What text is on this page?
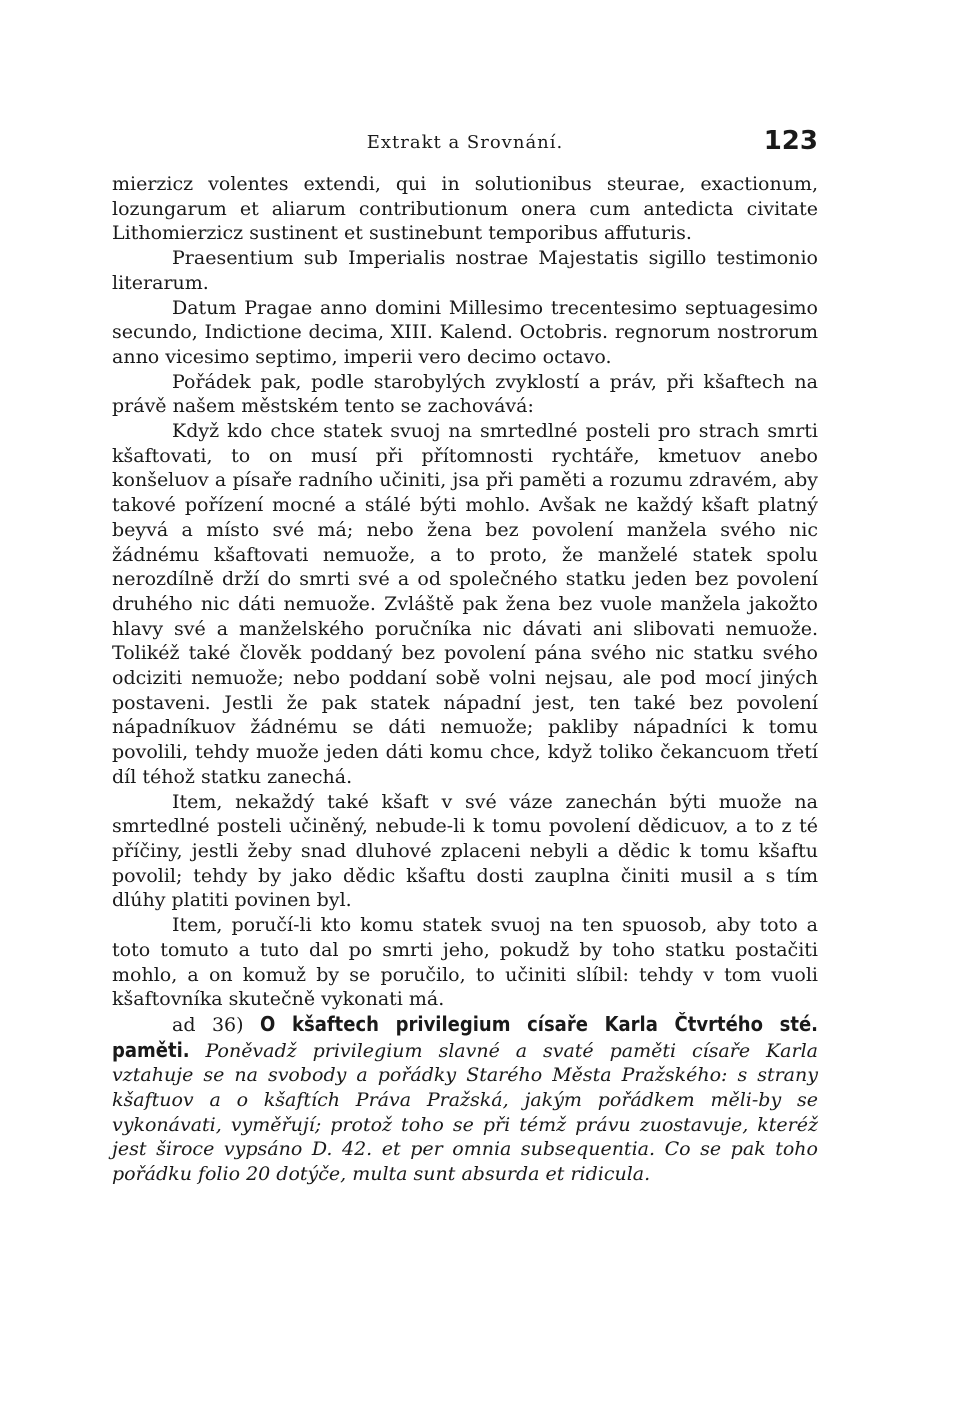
Extrakt a Srovnání.	123

mierzicz volentes extendi, qui in solutionibus steurae, exactionum, lozungarum et aliarum contributionum onera cum antedicta civitate Lithomierzicz sustinent et sustinebunt temporibus affuturis.

Praesentium sub Imperialis nostrae Majestatis sigillo testimonio literarum.

Datum Pragae anno domini Millesimo trecentesimo septuagesimo secundo, Indictione decima, XIII. Kalend. Octobris. regnorum nostrorum anno vicesimo septimo, imperii vero decimo octavo.

Pořádek pak, podle starobylých zvyklostí a práv, při kšaftech na právě našem městském tento se zachovává:

Když kdo chce statek svuoj na smrtedlné posteli pro strach smrti kšaftovati, to on musí při přítomnosti rychtáře, kmetuov anebo konšeluov a písaře radního učiniti, jsa při paměti a rozumu zdravém, aby takové pořízení mocné a stálé býti mohlo. Avšak ne každý kšaft platný beyvá a místo své má; nebo žena bez povolení manžela svého nic žádnému kšaftovati nemuože, a to proto, že manželé statek spolu nerozdílně drží do smrti své a od společného statku jeden bez povolení druhého nic dáti nemuože. Zvláště pak žena bez vuole manžela jakožto hlavy své a manželského poručníka nic dávati ani slibovati nemuože. Tolikéž také člověk poddaný bez povolení pána svého nic statku svého odciziti nemuože; nebo poddaní sobě volni nejsau, ale pod mocí jiných postaveni. Jestli že pak statek nápadní jest, ten také bez povolení nápadníkuov žádnému se dáti nemuože; pakliby nápadníci k tomu povolili, tehdy muože jeden dáti komu chce, když toliko čekancuom třetí díl téhož statku zanechá.

Item, nekaždý také kšaft v své váze zanechán býti muože na smrtedlné posteli učiněný, nebude-li k tomu povolení dědicuov, a to z té příčiny, jestli žeby snad dluhové zplaceni nebyli a dědic k tomu kšaftu povolil; tehdy by jako dědic kšaftu dosti zauplna činiti musil a s tím dlúhy platiti povinen byl.

Item, poručí-li kto komu statek svuoj na ten spuosob, aby toto a toto tomuto a tuto dal po smrti jeho, pokudž by toho statku postačiti mohlo, a on komuž by se poručilo, to učiniti slíbil: tehdy v tom vuoli kšaftovníka skutečně vykonati má.

ad 36) O kšaftech privilegium císaře Karla Čtvrtého sté. paměti. Poněvadž privilegium slavné a svaté paměti císaře Karla vztahuje se na svobody a pořádky Starého Města Pražského: s strany kšaftuov a o kšaftích Práva Pražská, jakým pořádkem měli-by se vykonávati, vyměřují; protož toho se při témž právu zuostavuje, kteréž jest široce vypsáno D. 42. et per omnia subsequentia. Co se pak toho pořádku folio 20 dotýče, multa sunt absurda et ridicula.
